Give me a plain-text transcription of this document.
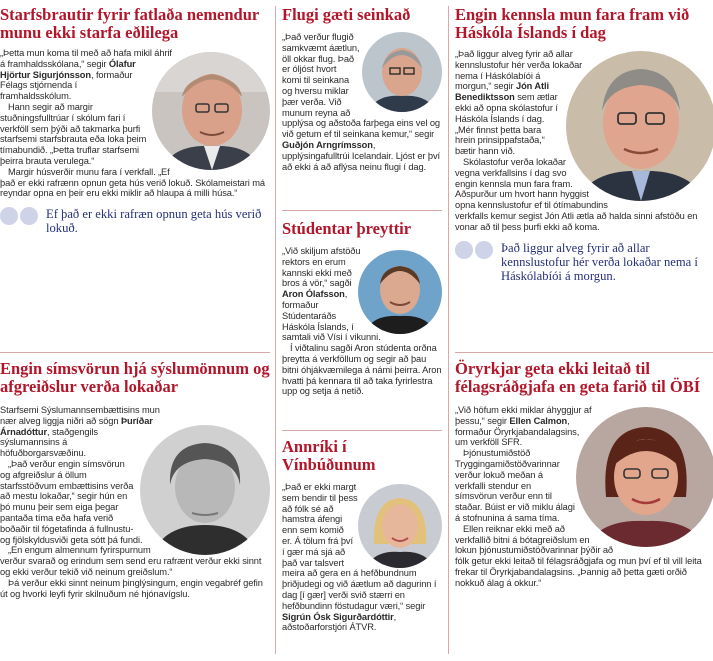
Starfsbrautir fyrir fatlaða nemendur munu ekki starfa eðlilega

„Þetta mun koma til með að hafa mikil áhrif á framhaldsskólana,“ segir Ólafur Hjörtur Sigurjónsson, formaður Félags stjórnenda í framhaldsskólum.

Hann segir að margir stuðningsfulltrúar í skólum fari í verkföll sem þýði að takmarka þurfi starfsemi starfsbrauta eða loka þeim tímabundið. „Þetta truflar starfsemi þeirra brauta verulega.“

Margir húsverðir munu fara í verkfall. „Ef það er ekki rafrænn opnun geta hús verið lokuð. Skólameistari má reyndar opna en þeir eru ekki miklir að hlaupa á milli húsa.“

Ef það er ekki rafræn opnun geta hús verið lokuð.
Engin símsvörun hjá sýslumönnum og afgreiðslur verða lokaðar

Starfsemi Sýslumannsembættisins mun nær alveg liggja niðri að sögn Þuríðar Árnadóttur, staðgengils sýslumannsins á höfuðborgarsvæðinu.

„Það verður engin símsvörun og afgreiðslur á öllum starfsstöðvum embættisins verða að mestu lokaðar,“ segir hún en þó munu þeir sem eiga þegar pantaða tíma eða hafa verið boðaðir til fógetafinda á fullnustu- og fjölskyldusviði geta sótt þá fundi.

„En engum almennum fyrirspurnum verður svarað og erindum sem send eru rafrænt verður ekki sinnt og ekki verður tekið við neinum greiðslum.“

Þá verður ekki sinnt neinum þinglýsingum, engin vegabréf gefin út og hvorki leyfi fyrir skilnuðum né hjónavígslu.

Flugi gæti seinkað

„Það verður flugið samkvæmt áætlun, öll okkar flug. Það er óljóst hvort komi til seinkana og hversu miklar þær verða. Við munum reyna að upplýsa og aðstoða farþega eins vel og við getum ef til seinkana kemur,“ segir Guðjón Arngrímsson, upplýsingafulltrúi Icelandair. Ljóst er því að ekki á að aflýsa neinu flugi í dag.

Stúdentar þreyttir

„Við skiljum afstöðu rektors en erum kannski ekki með bros á vör,“ sagði Aron Ólafsson, formaður Stúdentaráðs Háskóla Íslands, í samtali við Vísi í vikunni.

Í viðtalinu sagði Aron stúdenta orðna þreytta á verkföllum og segir að þau bitni óhjákvæmilega á námi þeirra. Aron hvatti þá kennara til að taka fyrirlestra upp og setja á netið.

Annríki í Vínbúðunum

„Það er ekki margt sem bendir til þess að fólk sé að hamstra áfengi enn sem komið er. Á tölum frá því í gær má sjá að það var talsvert meira að gera en á hefðbundnum þriðjudegi og við áætlum að dagurinn í dag [í gær] verði svið stærri en hefðbundinn föstudagur væri,“ segir Sigrún Ósk Sigurðardóttir, aðstoðarforstjóri ÁTVR.

Engin kennsla mun fara fram við Háskóla Íslands í dag

„Það liggur alveg fyrir að allar kennslustofur hér verða lokaðar nema í Háskólabíói á morgun,“ segir Jón Atli Benediktsson sem ætlar ekki að opna skólastofur í Háskóla Íslands í dag. „Mér finnst þetta bara hrein prinsippafstaða,“ bætir hann við.

Skólastofur verða lokaðar vegna verkfallsins í dag svo engin kennsla mun fara fram. Aðspurður um hvort hann hyggist opna kennslustofur ef til ótímabundins verkfalls kemur segist Jón Atli ætla að halda sinni afstöðu en vonar að til þess þurfi ekki að koma.

Það liggur alveg fyrir að allar kennslustofur hér verða lokaðar nema í Háskólabíói á morgun.
Öryrkjar geta ekki leitað til félagsráðgjafa en geta farið til ÖBÍ

„Við höfum ekki miklar áhyggjur af þessu,“ segir Ellen Calmon, formaður Öryrkjabandalagsins, um verkföll SFR.

Þjónustumiðstöð Tryggingamiðstöðvarinnar verður lokuð meðan á verkfalli stendur en símsvörun verður enn til staðar. Búist er við miklu álagi á stofnunina á sama tíma.

Ellen reiknar ekki með að verkfallið bitni á bótagreiðslum en lokun þjónustumiðstöðvarinnar þýðir að fólk getur ekki leitað til félagsráðgjafa og mun því ef til vill leita frekar til Öryrkjabandalagsins. „Þannig að þetta gæti orðið nokkuð álag á okkur.“
